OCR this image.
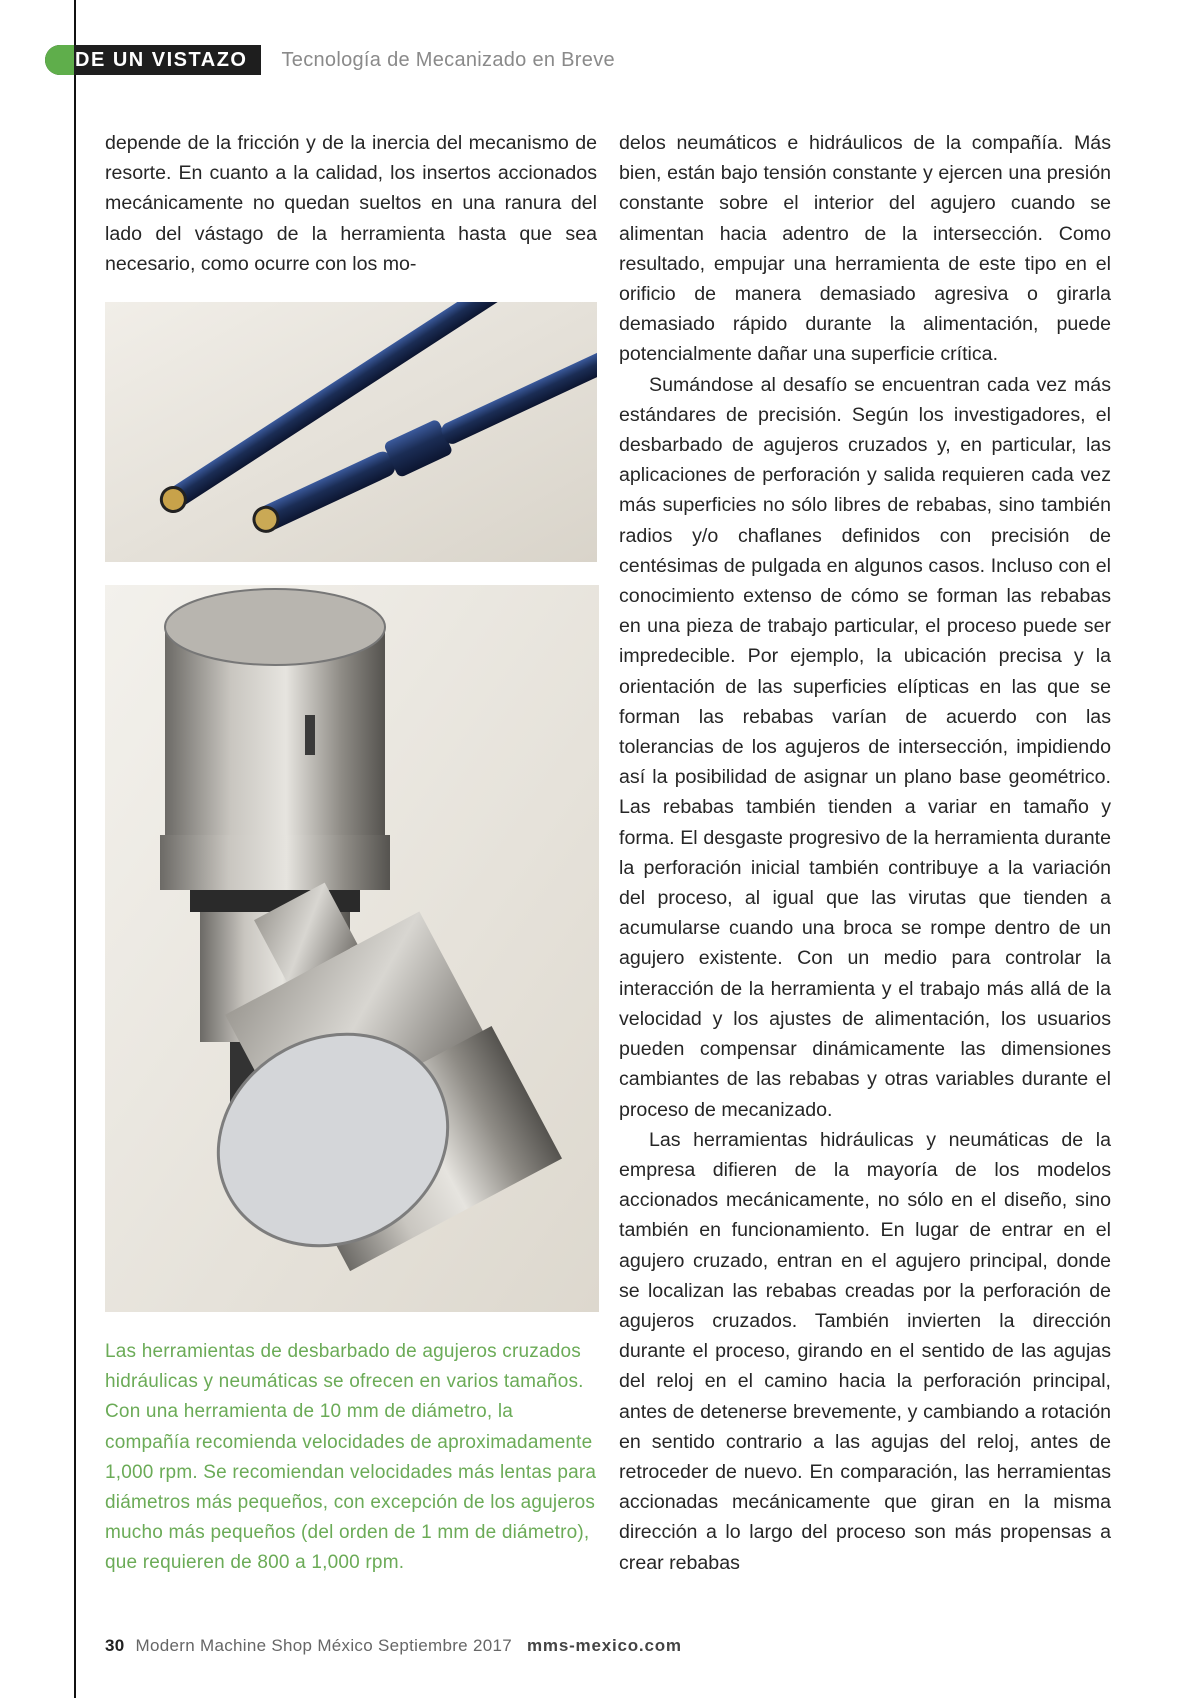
DE UN VISTAZO	Tecnología de Mecanizado en Breve

depende de la fricción y de la inercia del mecanismo de resorte. En cuanto a la calidad, los insertos accionados mecánicamente no quedan sueltos en una ranura del lado del vástago de la herramienta hasta que sea necesario, como ocurre con los mo-

Las herramientas de desbarbado de agujeros cruzados hidráulicas y neumáticas se ofrecen en varios tamaños. Con una herramienta de 10 mm de diámetro, la compañía recomienda velocidades de aproximadamente 1,000 rpm. Se recomiendan velocidades más lentas para diámetros más pequeños, con excepción de los agujeros mucho más pequeños (del orden de 1 mm de diámetro), que requieren de 800 a 1,000 rpm.

delos neumáticos e hidráulicos de la compañía. Más bien, están bajo tensión constante y ejercen una presión constante sobre el interior del agujero cuando se alimentan hacia adentro de la intersección. Como resultado, empujar una herramienta de este tipo en el orificio de manera demasiado agresiva o girarla demasiado rápido durante la alimentación, puede potencialmente dañar una superficie crítica.

Sumándose al desafío se encuentran cada vez más estándares de precisión. Según los investigadores, el desbarbado de agujeros cruzados y, en particular, las aplicaciones de perforación y salida requieren cada vez más superficies no sólo libres de rebabas, sino también radios y/o chaflanes definidos con precisión de centésimas de pulgada en algunos casos. Incluso con el conocimiento extenso de cómo se forman las rebabas en una pieza de trabajo particular, el proceso puede ser impredecible. Por ejemplo, la ubicación precisa y la orientación de las superficies elípticas en las que se forman las rebabas varían de acuerdo con las tolerancias de los agujeros de intersección, impidiendo así la posibilidad de asignar un plano base geométrico. Las rebabas también tienden a variar en tamaño y forma. El desgaste progresivo de la herramienta durante la perforación inicial también contribuye a la variación del proceso, al igual que las virutas que tienden a acumularse cuando una broca se rompe dentro de un agujero existente. Con un medio para controlar la interacción de la herramienta y el trabajo más allá de la velocidad y los ajustes de alimentación, los usuarios pueden compensar dinámicamente las dimensiones cambiantes de las rebabas y otras variables durante el proceso de mecanizado.

Las herramientas hidráulicas y neumáticas de la empresa difieren de la mayoría de los modelos accionados mecánicamente, no sólo en el diseño, sino también en funcionamiento. En lugar de entrar en el agujero cruzado, entran en el agujero principal, donde se localizan las rebabas creadas por la perforación de agujeros cruzados. También invierten la dirección durante el proceso, girando en el sentido de las agujas del reloj en el camino hacia la perforación principal, antes de detenerse brevemente, y cambiando a rotación en sentido contrario a las agujas del reloj, antes de retroceder de nuevo. En comparación, las herramientas accionadas mecánicamente que giran en la misma dirección a lo largo del proceso son más propensas a crear rebabas

30 Modern Machine Shop México Septiembre 2017 mms-mexico.com
